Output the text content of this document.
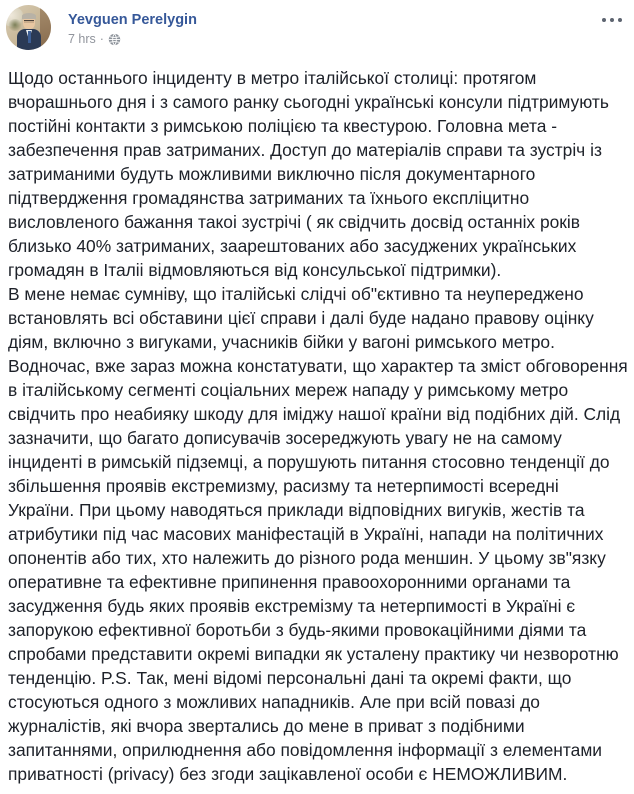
Yevguen Perelygin
7 hrs ·

Щодо останнього інциденту в метро італійської столиці: протягом вчорашнього дня і з самого ранку сьогодні українські консули підтримують постійні контакти з римською поліцією та квестурою. Головна мета - забезпечення прав затриманих. Доступ до матеріалів справи та зустріч із затриманими будуть можливими виключно після документарного підтвердження громадянства затриманих та їхнього експліцитно висловленого бажання такоі зустрічі ( як свідчить досвід останніх років близько 40% затриманих, заарештованих або засуджених українських громадян в Італіі відмовляються від консульської підтримки).

В мене немає сумніву, що італійські слідчі об"єктивно та неупереджено встановлять всі обставини цієї справи і далі буде надано правову оцінку діям, включно з вигуками, учасників бійки у вагоні римського метро.

Водночас, вже зараз можна констатувати, що характер та зміст обговорення в італійському сегменті соціальних мереж нападу у римському метро свідчить про неабияку шкоду для іміджу нашої країни від подібних дій. Слід зазначити, що багато дописувачів зосереджують увагу не на самому інциденті в римській підземці, а порушують питання стосовно тенденції до збільшення проявів екстремизму, расизму та нетерпимості всередні України. При цьому наводяться приклади відповідних вигуків, жестів та атрибутики під час масових маніфестацій в Україні, напади на політичних опонентів або тих, хто належить до різного рода меншин. У цьому зв"язку оперативне та ефективне припинення правоохоронними органами та засудження будь яких проявів екстремізму та нетерпимості в Україні є запорукою ефективної боротьби з будь-якими провокаційними діями та спробами представити окремі випадки як усталену практику чи незворотню тенденцію. P.S. Так, мені відомі персональні дані та окремі факти, що стосуються одного з можливих нападників. Але при всій повазі до журналістів, які вчора звертались до мене в приват з подібними запитаннями, оприлюднення або повідомлення інформації з елементами приватності (privacy) без згоди зацікавленої особи є НЕМОЖЛИВИМ.
